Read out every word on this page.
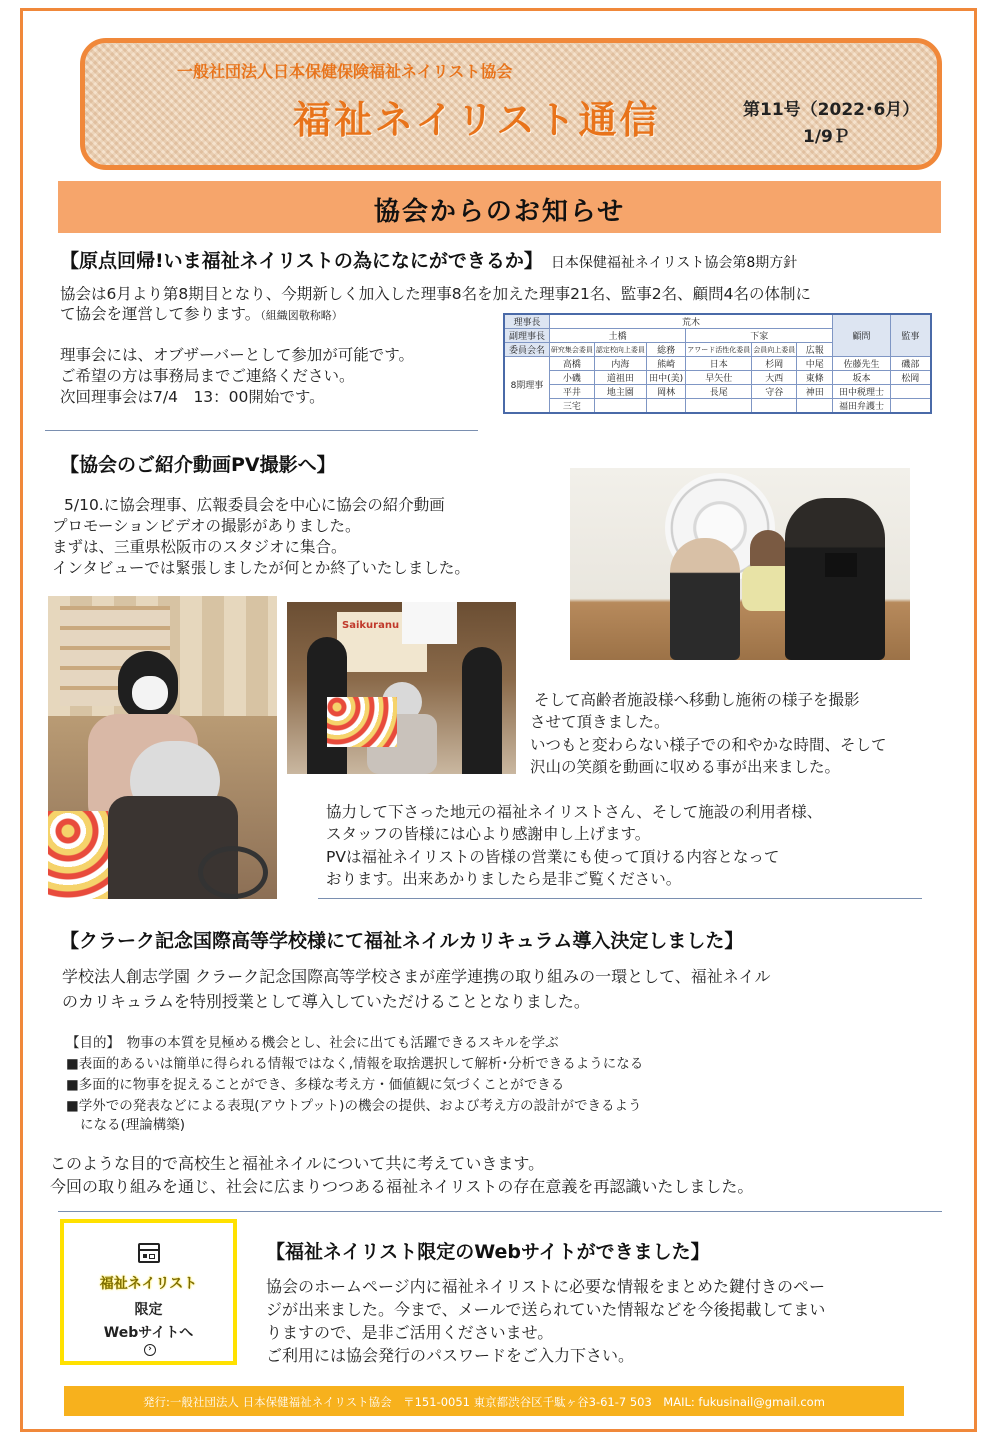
一般社団法人日本保健保険福祉ネイリスト協会
福祉ネイリスト通信	第11号（2022･6月）
1/9Ｐ
協会からのお知らせ
【原点回帰!いま福祉ネイリストの為になにができるか】 日本保健福祉ネイリスト協会第8期方針
協会は6月より第8期目となり、今期新しく加入した理事8名を加えた理事21名、監事2名、顧問4名の体制に
て協会を運営して参ります。（組織図敬称略）
理事会には、オブザーバーとして参加が可能です。
ご希望の方は事務局までご連絡ください。
次回理事会は7/4　13：00開始です。
理事長	荒木						顧問	監事
副理事長	土橋			下家				
委員会名	研究集会委員	認定校向上委員	総務	アワード活性化委員	会員向上委員	広報		
8期理事	高橋	内海	熊崎	日本	杉岡	中尾	佐藤先生	磯部
	小磯	道祖田	田中(美)	早矢仕	大西	東條	坂本	松岡
	平井	地主園	岡林	長尾	守谷	神田	田中税理士	
	三宅						福田弁護士	
【協会のご紹介動画PV撮影へ】
5/10.に協会理事、広報委員会を中心に協会の紹介動画
プロモーションビデオの撮影がありました。
まずは、三重県松阪市のスタジオに集合。
インタビューでは緊張しましたが何とか終了いたしました。
Saikuranu
そして高齢者施設様へ移動し施術の様子を撮影
させて頂きました。
いつもと変わらない様子での和やかな時間、そして
沢山の笑顔を動画に収める事が出来ました。
協力して下さった地元の福祉ネイリストさん、そして施設の利用者様、
スタッフの皆様には心より感謝申し上げます。
PVは福祉ネイリストの皆様の営業にも使って頂ける内容となって
おります。出来あかりましたら是非ご覧ください。
【クラーク記念国際高等学校様にて福祉ネイルカリキュラム導入決定しました】
学校法人創志学園 クラーク記念国際高等学校さまが産学連携の取り組みの一環として、福祉ネイル
のカリキュラムを特別授業として導入していただけることとなりました。
【目的】　物事の本質を見極める機会とし、社会に出ても活躍できるスキルを学ぶ
■表面的あるいは簡単に得られる情報ではなく,情報を取捨選択して解析･分析できるようになる
■多面的に物事を捉えることができ、多様な考え方・価値観に気づくことができる
■学外での発表などによる表現(アウトプット)の機会の提供、および考え方の設計ができるよう
になる(理論構築)
このような目的で高校生と福祉ネイルについて共に考えていきます。
今回の取り組みを通じ、社会に広まりつつある福祉ネイリストの存在意義を再認識いたしました。
福祉ネイリスト
限定
Webサイトへ
›
【福祉ネイリスト限定のWebサイトができました】
協会のホームページ内に福祉ネイリストに必要な情報をまとめた鍵付きのペー
ジが出来ました。今まで、メールで送られていた情報などを今後掲載してまい
りますので、是非ご活用くださいませ。
ご利用には協会発行のパスワードをご入力下さい。
発行:一般社団法人 日本保健福祉ネイリスト協会　〒151-0051 東京都渋谷区千駄ヶ谷3-61-7 503　MAIL: fukusinail@gmail.com
